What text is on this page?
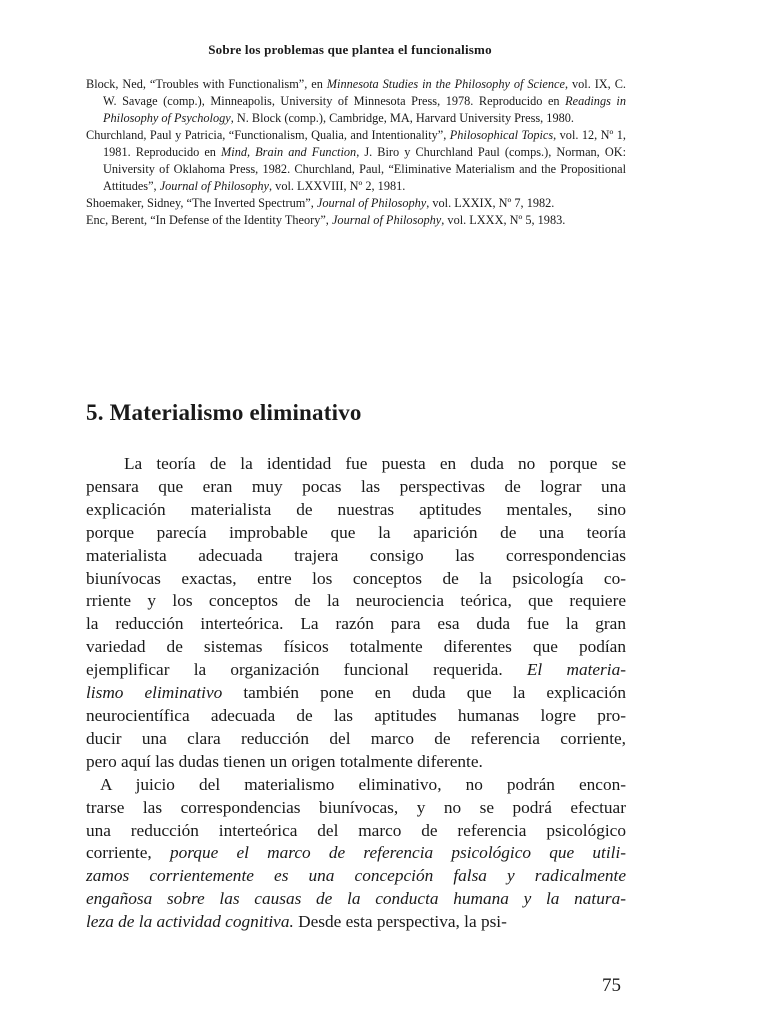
Sobre los problemas que plantea el funcionalismo
Block, Ned, “Troubles with Functionalism”, en Minnesota Studies in the Philosophy of Science, vol. IX, C. W. Savage (comp.), Minneapolis, University of Minnesota Press, 1978. Reproducido en Readings in Philosophy of Psychology, N. Block (comp.), Cambridge, MA, Harvard University Press, 1980.
Churchland, Paul y Patricia, “Functionalism, Qualia, and Intentionality”, Philosophical Topics, vol. 12, Nº 1, 1981. Reproducido en Mind, Brain and Function, J. Biro y Churchland Paul (comps.), Norman, OK: University of Oklahoma Press, 1982. Churchland, Paul, “Eliminative Materialism and the Propositional Attitudes”, Journal of Philosophy, vol. LXXVIII, Nº 2, 1981.
Shoemaker, Sidney, “The Inverted Spectrum”, Journal of Philosophy, vol. LXXIX, Nº 7, 1982.
Enc, Berent, “In Defense of the Identity Theory”, Journal of Philosophy, vol. LXXX, Nº 5, 1983.
5. Materialismo eliminativo

La teoría de la identidad fue puesta en duda no porque se
pensara que eran muy pocas las perspectivas de lograr una
explicación materialista de nuestras aptitudes mentales, sino
porque parecía improbable que la aparición de una teoría
materialista adecuada trajera consigo las correspondencias
biunívocas exactas, entre los conceptos de la psicología co-
rriente y los conceptos de la neurociencia teórica, que requiere
la reducción interteórica. La razón para esa duda fue la gran
variedad de sistemas físicos totalmente diferentes que podían
ejemplificar la organización funcional requerida. El materia-
lismo eliminativo también pone en duda que la explicación
neurocientífica adecuada de las aptitudes humanas logre pro-
ducir una clara reducción del marco de referencia corriente,
pero aquí las dudas tienen un origen totalmente diferente.

A juicio del materialismo eliminativo, no podrán encon-
trarse las correspondencias biunívocas, y no se podrá efectuar
una reducción interteórica del marco de referencia psicológico
corriente, porque el marco de referencia psicológico que utili-
zamos corrientemente es una concepción falsa y radicalmente
engañosa sobre las causas de la conducta humana y la natura-
leza de la actividad cognitiva. Desde esta perspectiva, la psi-

75
